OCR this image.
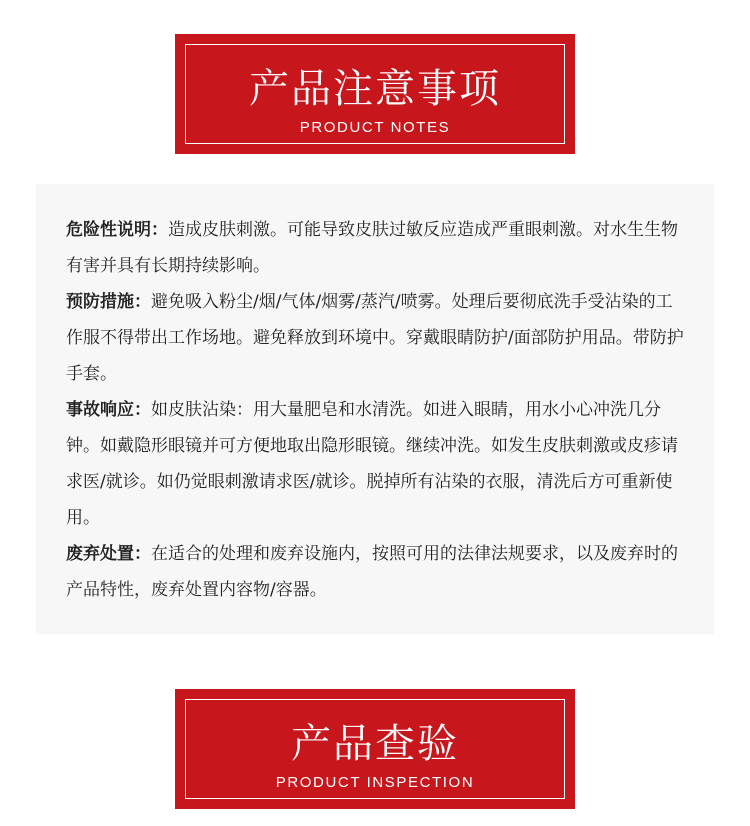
产品注意事项
PRODUCT NOTES

危险性说明：造成皮肤刺激。可能导致皮肤过敏反应造成严重眼刺激。对水生生物有害并具有长期持续影响。

预防措施：避免吸入粉尘/烟/气体/烟雾/蒸汽/喷雾。处理后要彻底洗手受沾染的工作服不得带出工作场地。避免释放到环境中。穿戴眼睛防护/面部防护用品。带防护手套。

事故响应：如皮肤沾染：用大量肥皂和水清洗。如进入眼睛，用水小心冲洗几分钟。如戴隐形眼镜并可方便地取出隐形眼镜。继续冲洗。如发生皮肤刺激或皮疹请求医/就诊。如仍觉眼刺激请求医/就诊。脱掉所有沾染的衣服，清洗后方可重新使用。

废弃处置：在适合的处理和废弃设施内，按照可用的法律法规要求，以及废弃时的产品特性，废弃处置内容物/容器。

产品查验
PRODUCT INSPECTION
